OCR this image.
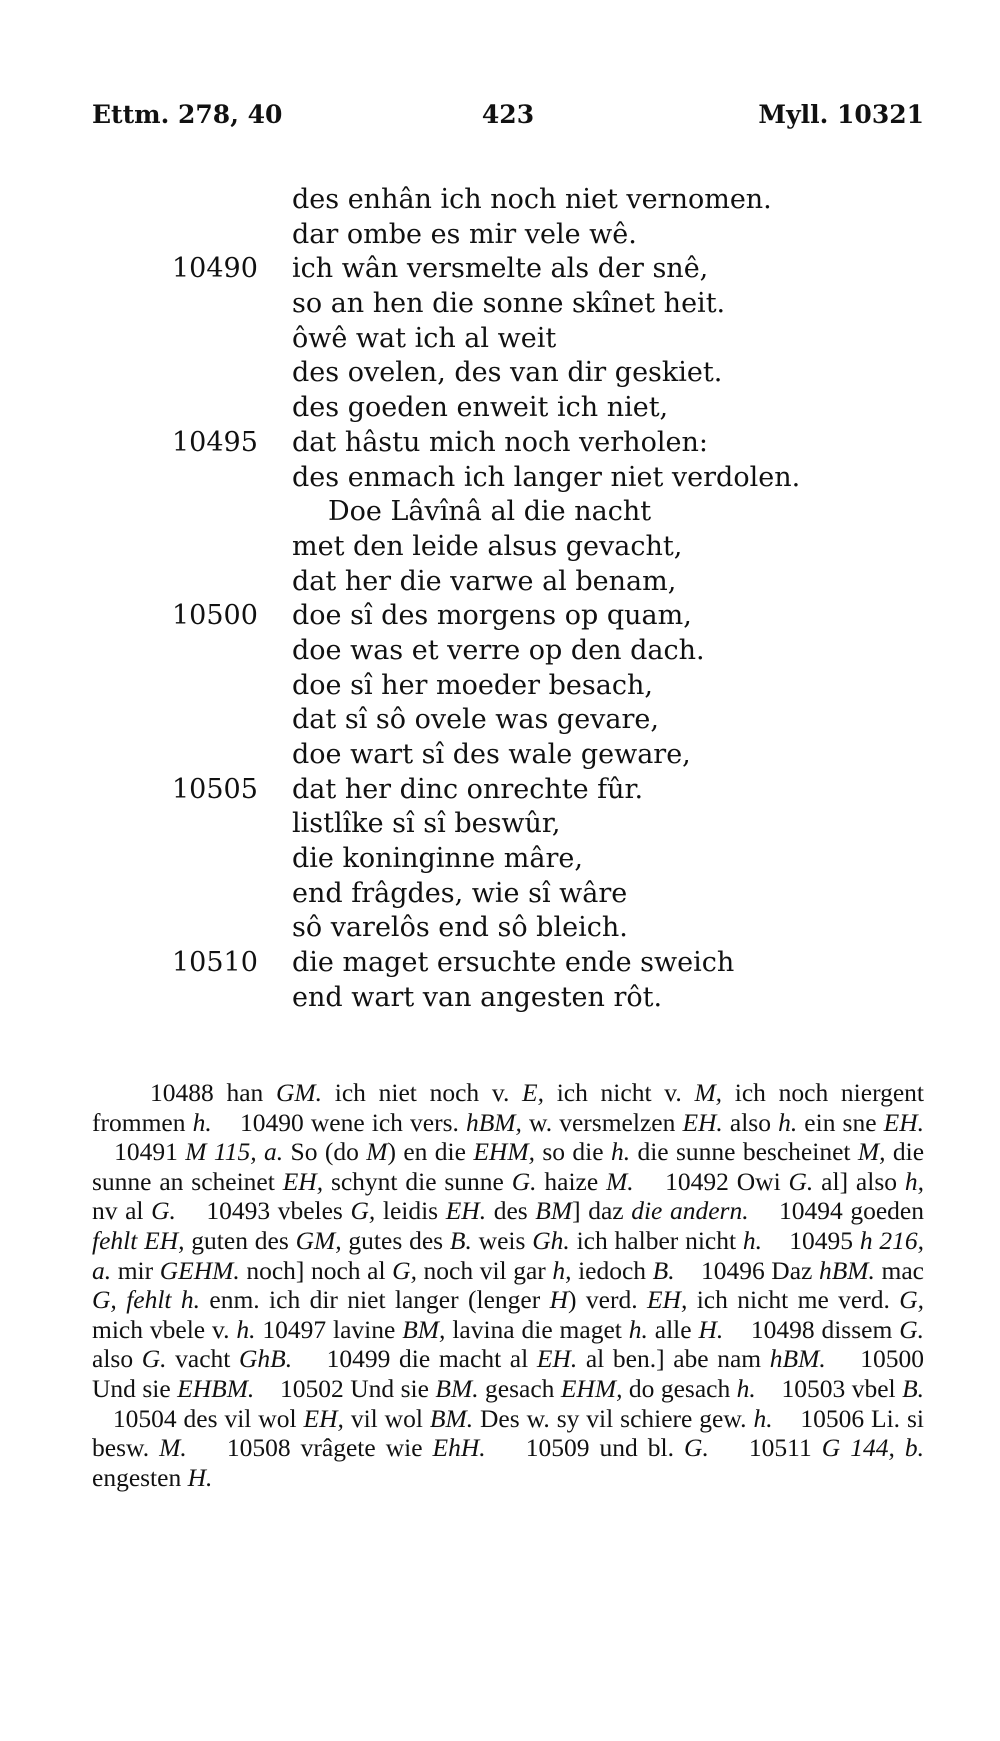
Ettm. 278, 40	423	Myll. 10321
des enhân ich noch niet vernomen.
dar ombe es mir vele wê.
10490 ich wân versmelte als der snê,
so an hen die sonne skînet heit.
ôwê wat ich al weit
des ovelen, des van dir geskiet.
des goeden enweit ich niet,
10495 dat hâstu mich noch verholen:
des enmach ich langer niet verdolen.
Doe Lâvînâ al die nacht
met den leide alsus gevacht,
dat her die varwe al benam,
10500 doe sî des morgens op quam,
doe was et verre op den dach.
doe sî her moeder besach,
dat sî sô ovele was gevare,
doe wart sî des wale geware,
10505 dat her dinc onrechte fûr.
listlîke sî sî beswûr,
die koninginne mâre,
end frâgdes, wie sî wâre
sô varelôs end sô bleich.
10510 die maget ersuchte ende sweich
end wart van angesten rôt.

10488 han GM. ich niet noch v. E, ich nicht v. M, ich noch niergent frommen h.    10490 wene ich vers. hBM, w. versmelzen EH. also h. ein sne EH.    10491 M 115, a. So (do M) en die EHM, so die h. die sunne bescheinet M, die sunne an scheinet EH, schynt die sunne G. haize M.    10492 Owi G. al] also h, nv al G.    10493 vbeles G, leidis EH. des BM] daz die andern.    10494 goeden fehlt EH, guten des GM, gutes des B. weis Gh. ich halber nicht h.    10495 h 216, a. mir GEHM. noch] noch al G, noch vil gar h, iedoch B.    10496 Daz hBM. mac G, fehlt h. enm. ich dir niet langer (lenger H) verd. EH, ich nicht me verd. G, mich vbele v. h. 10497 lavine BM, lavina die maget h. alle H.    10498 dissem G. also G. vacht GhB.    10499 die macht al EH. al ben.] abe nam hBM.    10500 Und sie EHBM.    10502 Und sie BM. gesach EHM, do gesach h.    10503 vbel B.    10504 des vil wol EH, vil wol BM. Des w. sy vil schiere gew. h.    10506 Li. si besw. M.    10508 vrâgete wie EhH.    10509 und bl. G.    10511 G 144, b. engesten H.
